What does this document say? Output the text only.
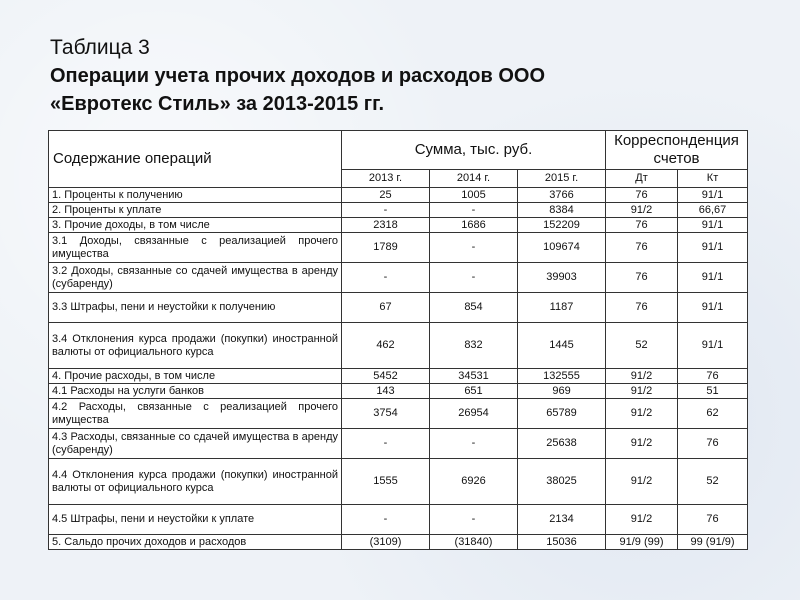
Таблица 3

Операции учета прочих доходов и расходов ООО
«Евротекс Стиль» за 2013-2015 гг.

Содержание операций	Сумма, тыс. руб.			Корреспонденция счетов	
	2013 г.	2014 г.	2015 г.	Дт	Кт
1. Проценты к получению	25	1005	3766	76	91/1
2. Проценты к уплате	-	-	8384	91/2	66,67
3. Прочие доходы, в том числе	2318	1686	152209	76	91/1
3.1 Доходы, связанные с реализацией прочего имущества	1789	-	109674	76	91/1
3.2 Доходы, связанные со сдачей имущества в аренду (субаренду)	-	-	39903	76	91/1
3.3 Штрафы, пени и неустойки к получению	67	854	1187	76	91/1
3.4 Отклонения курса продажи (покупки) иностранной валюты от официального курса	462	832	1445	52	91/1
4. Прочие расходы, в том числе	5452	34531	132555	91/2	76
4.1 Расходы на услуги банков	143	651	969	91/2	51
4.2 Расходы, связанные с реализацией прочего имущества	3754	26954	65789	91/2	62
4.3 Расходы, связанные со сдачей имущества в аренду (субаренду)	-	-	25638	91/2	76
4.4 Отклонения курса продажи (покупки) иностранной валюты от официального курса	1555	6926	38025	91/2	52
4.5 Штрафы, пени и неустойки к уплате	-	-	2134	91/2	76
5. Сальдо прочих доходов и расходов	(3109)	(31840)	15036	91/9 (99)	99 (91/9)
